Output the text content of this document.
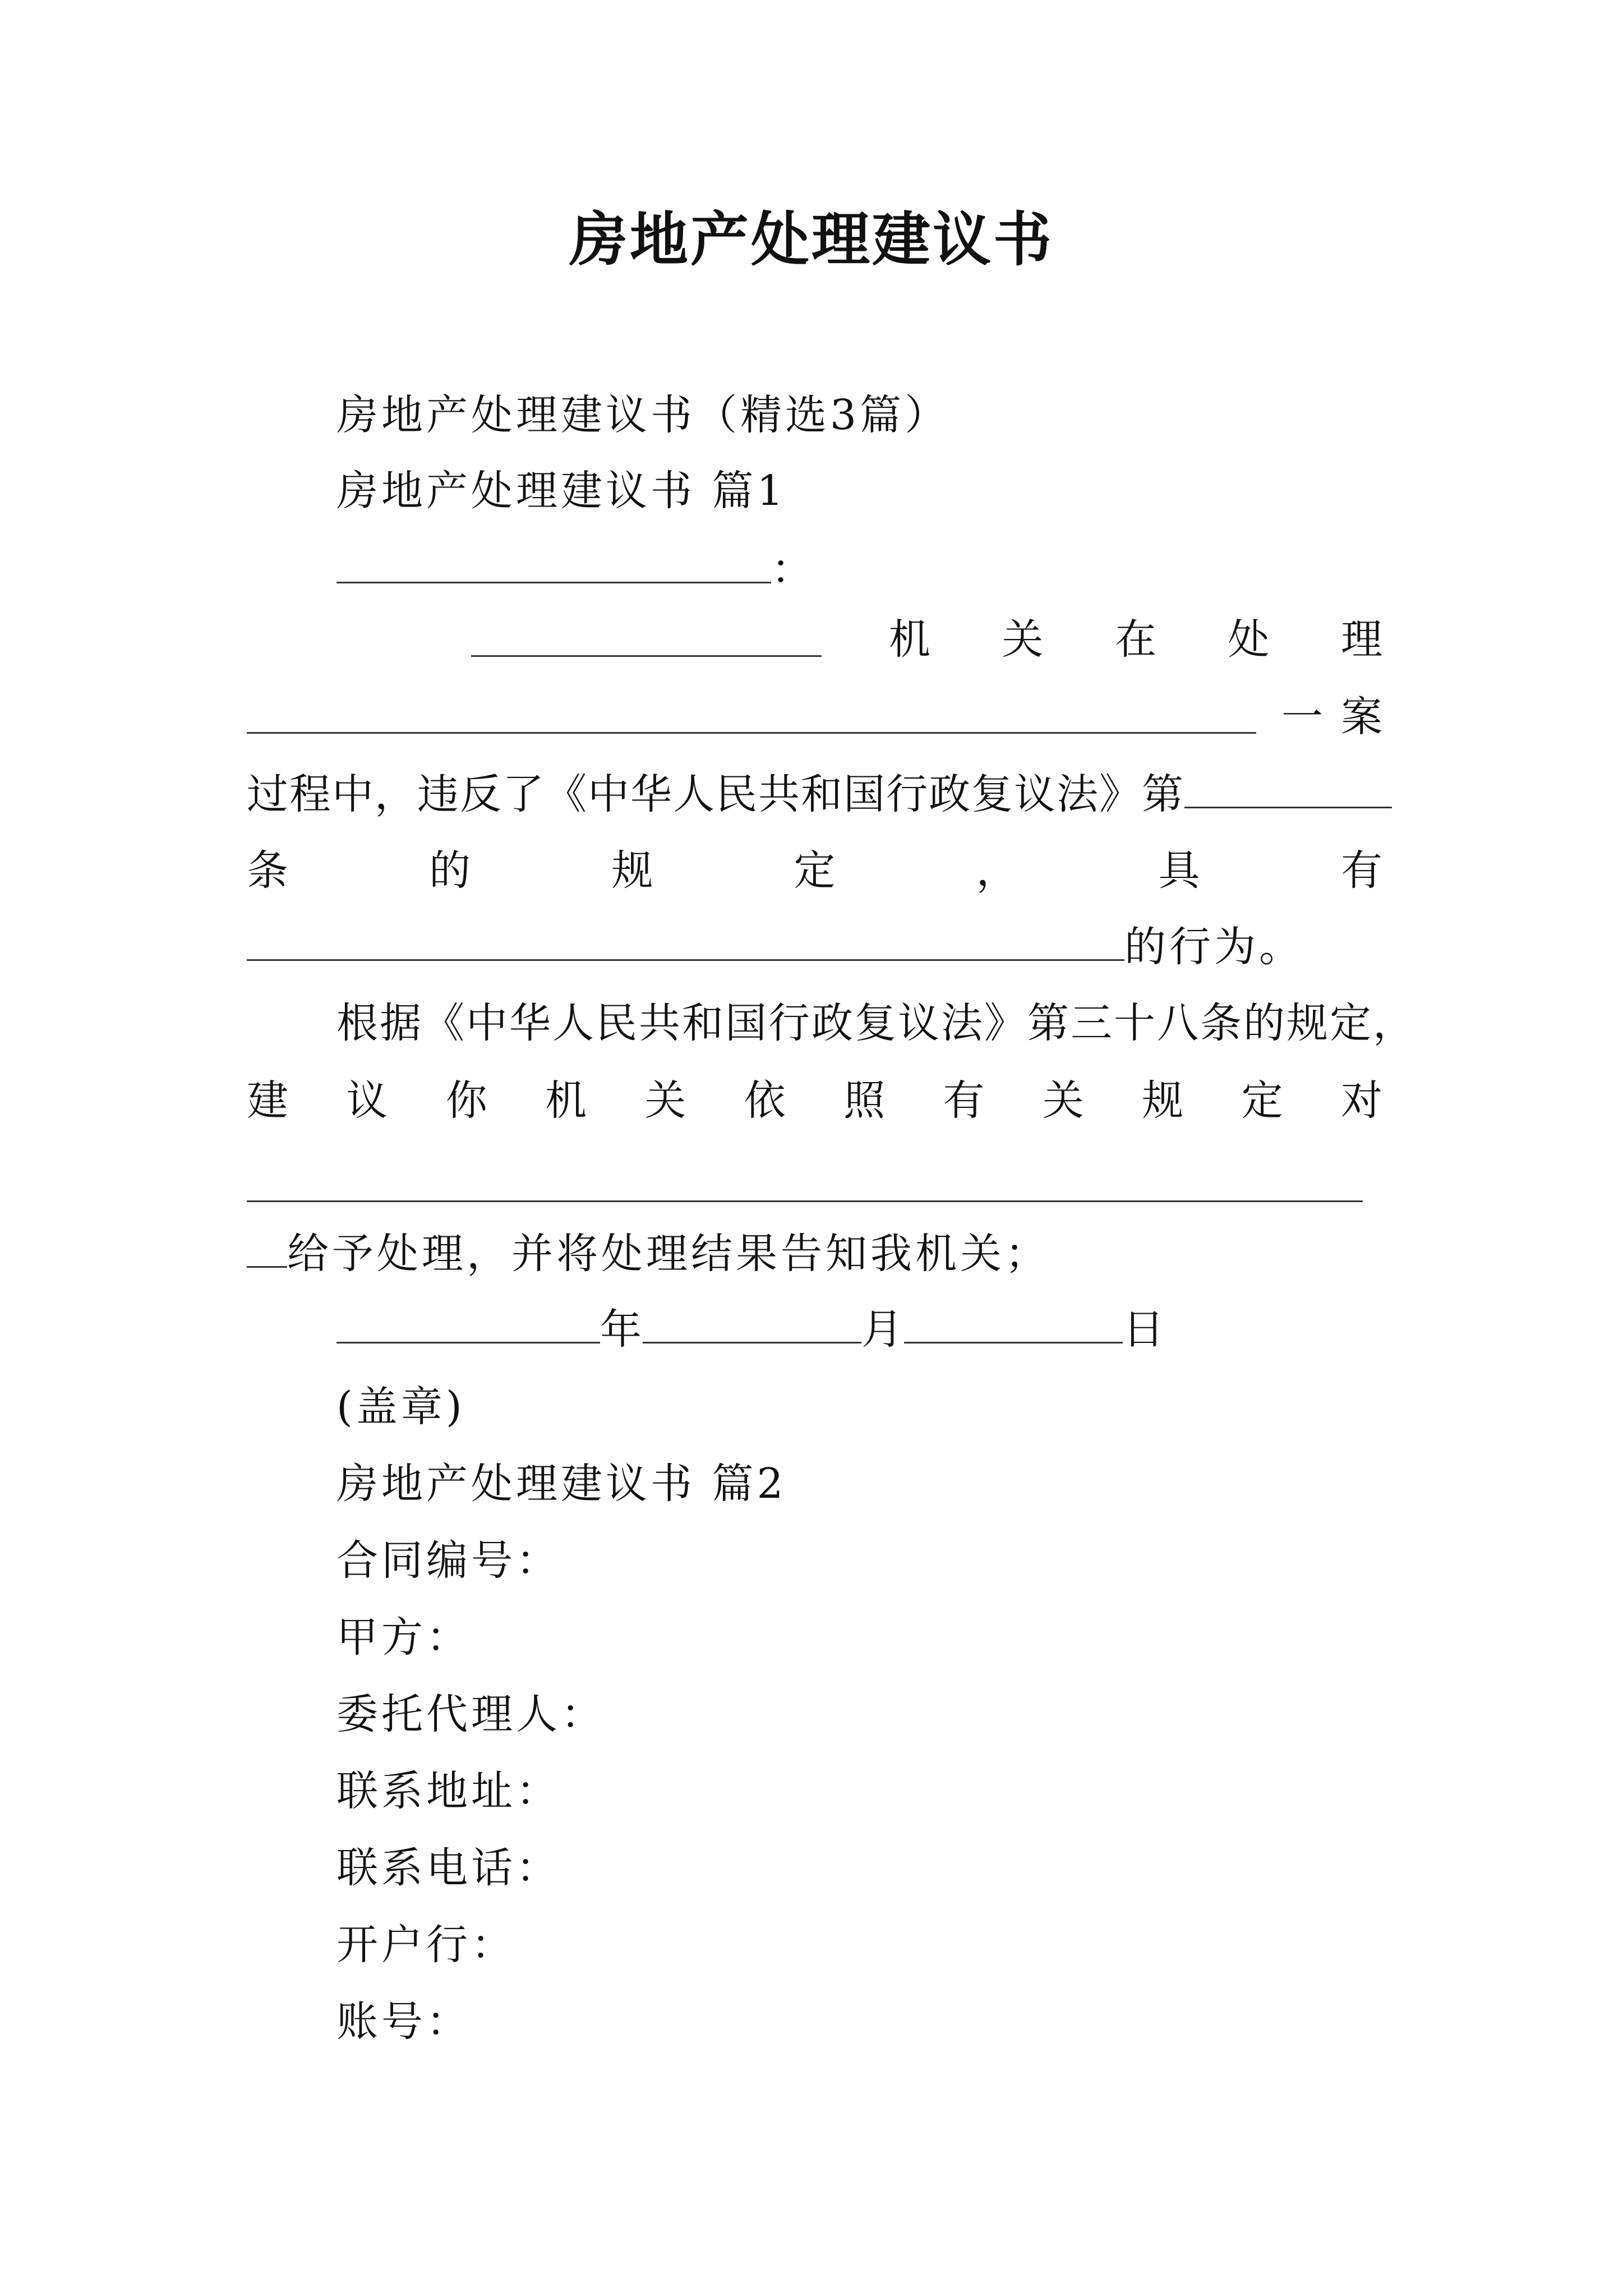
房地产处理建议书
房地产处理建议书（精选3篇）
房地产处理建议书 篇1
：
机 关 在 处 理
一 案
过程中，违反了《中华人民共和国行政复议法》第
条	的	规	定	，	具	有
的行为。
根据《中华人民共和国行政复议法》第三十八条的规定，
建 议 你 机 关 依 照 有 关 规 定 对
给予处理，并将处理结果告知我机关；
年	月	日
(盖章)
房地产处理建议书 篇2
合同编号：
甲方：
委托代理人：
联系地址：
联系电话：
开户行：
账号：
